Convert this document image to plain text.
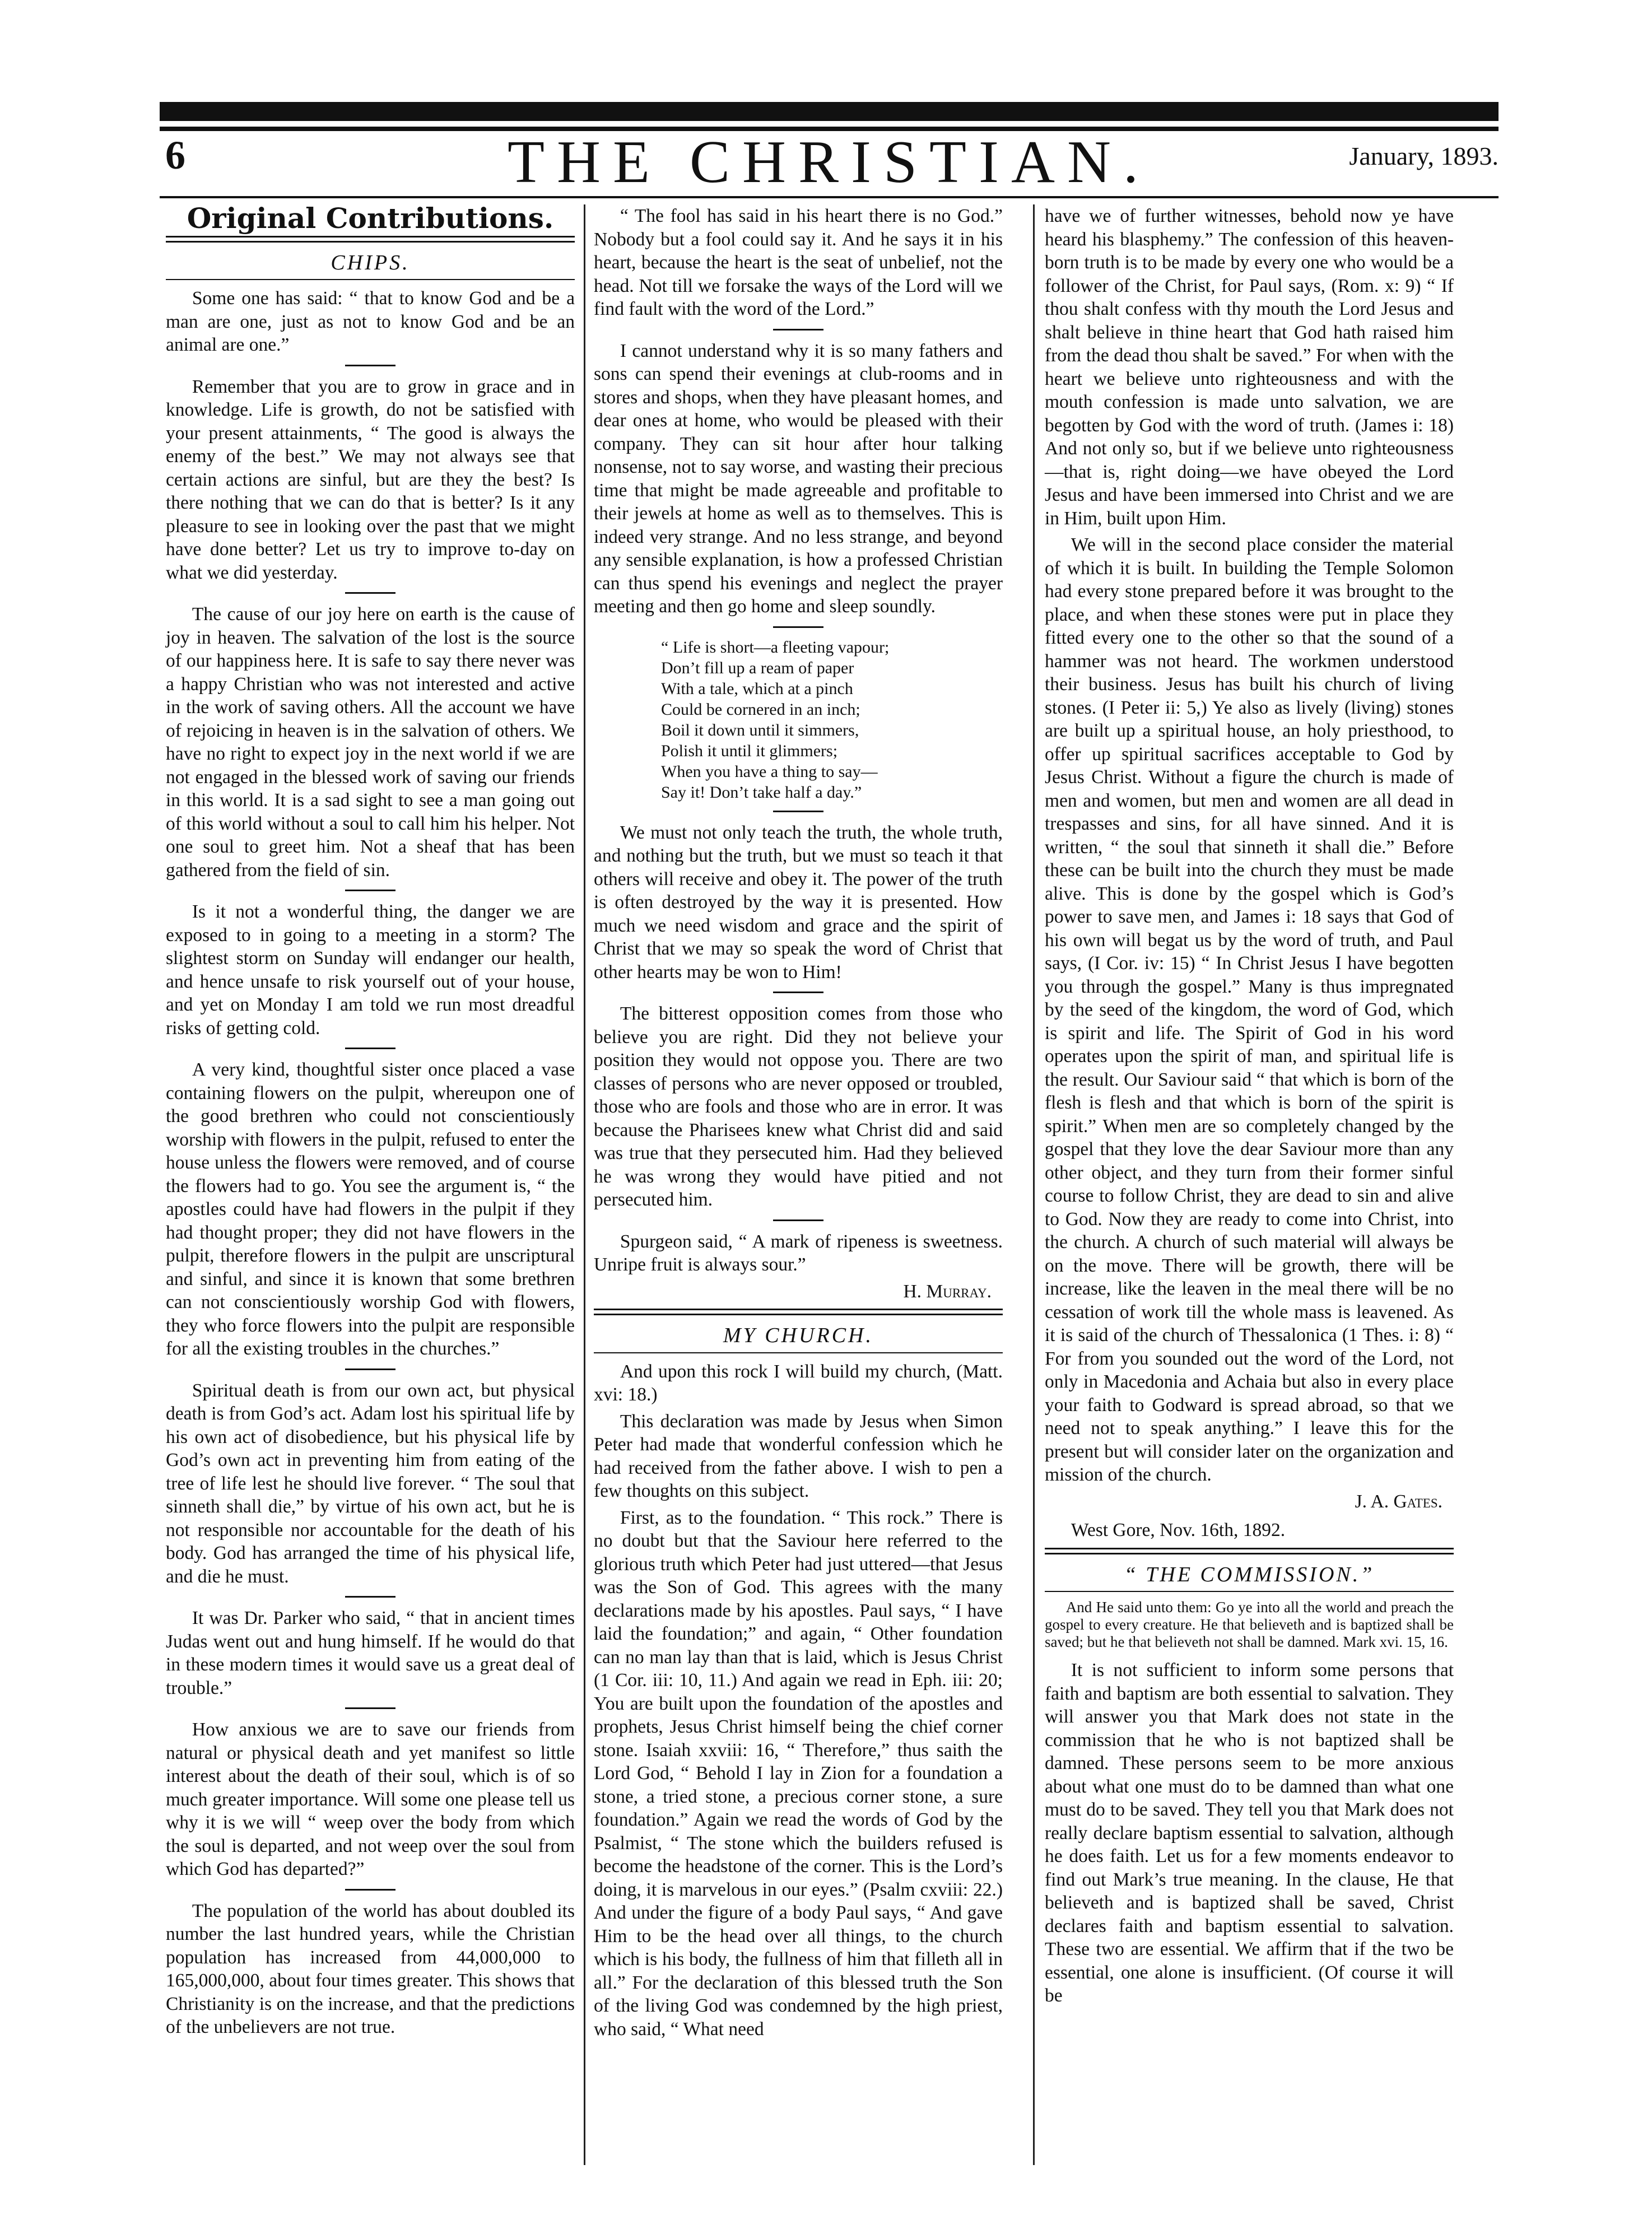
6	THE CHRISTIAN.	January, 1893.
Original Contributions.
CHIPS.

Some one has said: “ that to know God and be a man are one, just as not to know God and be an animal are one.”

Remember that you are to grow in grace and in knowledge. Life is growth, do not be satisfied with your present attainments, “ The good is always the enemy of the best.” We may not always see that certain actions are sinful, but are they the best? Is there nothing that we can do that is better? Is it any pleasure to see in looking over the past that we might have done better? Let us try to improve to-day on what we did yesterday.

The cause of our joy here on earth is the cause of joy in heaven. The salvation of the lost is the source of our happiness here. It is safe to say there never was a happy Christian who was not interested and active in the work of saving others. All the account we have of rejoicing in heaven is in the salvation of others. We have no right to expect joy in the next world if we are not engaged in the blessed work of saving our friends in this world. It is a sad sight to see a man going out of this world without a soul to call him his helper. Not one soul to greet him. Not a sheaf that has been gathered from the field of sin.

Is it not a wonderful thing, the danger we are exposed to in going to a meeting in a storm? The slightest storm on Sunday will endanger our health, and hence unsafe to risk yourself out of your house, and yet on Monday I am told we run most dreadful risks of getting cold.

A very kind, thoughtful sister once placed a vase containing flowers on the pulpit, whereupon one of the good brethren who could not conscientiously worship with flowers in the pulpit, refused to enter the house unless the flowers were removed, and of course the flowers had to go. You see the argument is, “ the apostles could have had flowers in the pulpit if they had thought proper; they did not have flowers in the pulpit, therefore flowers in the pulpit are unscriptural and sinful, and since it is known that some brethren can not conscientiously worship God with flowers, they who force flowers into the pulpit are responsible for all the existing troubles in the churches.”

Spiritual death is from our own act, but physical death is from God’s act. Adam lost his spiritual life by his own act of disobedience, but his physical life by God’s own act in preventing him from eating of the tree of life lest he should live forever. “ The soul that sinneth shall die,” by virtue of his own act, but he is not responsible nor accountable for the death of his body. God has arranged the time of his physical life, and die he must.

It was Dr. Parker who said, “ that in ancient times Judas went out and hung himself. If he would do that in these modern times it would save us a great deal of trouble.”

How anxious we are to save our friends from natural or physical death and yet manifest so little interest about the death of their soul, which is of so much greater importance. Will some one please tell us why it is we will “ weep over the body from which the soul is departed, and not weep over the soul from which God has departed?”

The population of the world has about doubled its number the last hundred years, while the Christian population has increased from 44,000,000 to 165,000,000, about four times greater. This shows that Christianity is on the increase, and that the predictions of the unbelievers are not true.

“ The fool has said in his heart there is no God.” Nobody but a fool could say it. And he says it in his heart, because the heart is the seat of unbelief, not the head. Not till we forsake the ways of the Lord will we find fault with the word of the Lord.”

I cannot understand why it is so many fathers and sons can spend their evenings at club-rooms and in stores and shops, when they have pleasant homes, and dear ones at home, who would be pleased with their company. They can sit hour after hour talking nonsense, not to say worse, and wasting their precious time that might be made agreeable and profitable to their jewels at home as well as to themselves. This is indeed very strange. And no less strange, and beyond any sensible explanation, is how a professed Christian can thus spend his evenings and neglect the prayer meeting and then go home and sleep soundly.

“ Life is short—a fleeting vapour;
Don’t fill up a ream of paper
With a tale, which at a pinch
Could be cornered in an inch;
Boil it down until it simmers,
Polish it until it glimmers;
When you have a thing to say—
Say it! Don’t take half a day.”

We must not only teach the truth, the whole truth, and nothing but the truth, but we must so teach it that others will receive and obey it. The power of the truth is often destroyed by the way it is presented. How much we need wisdom and grace and the spirit of Christ that we may so speak the word of Christ that other hearts may be won to Him!

The bitterest opposition comes from those who believe you are right. Did they not believe your position they would not oppose you. There are two classes of persons who are never opposed or troubled, those who are fools and those who are in error. It was because the Pharisees knew what Christ did and said was true that they persecuted him. Had they believed he was wrong they would have pitied and not persecuted him.

Spurgeon said, “ A mark of ripeness is sweetness. Unripe fruit is always sour.”

H. Murray.
MY CHURCH.

And upon this rock I will build my church, (Matt. xvi: 18.)

This declaration was made by Jesus when Simon Peter had made that wonderful confession which he had received from the father above. I wish to pen a few thoughts on this subject.

First, as to the foundation. “ This rock.” There is no doubt but that the Saviour here referred to the glorious truth which Peter had just uttered—that Jesus was the Son of God. This agrees with the many declarations made by his apostles. Paul says, “ I have laid the foundation;” and again, “ Other foundation can no man lay than that is laid, which is Jesus Christ (1 Cor. iii: 10, 11.) And again we read in Eph. iii: 20; You are built upon the foundation of the apostles and prophets, Jesus Christ himself being the chief corner stone. Isaiah xxviii: 16, “ Therefore,” thus saith the Lord God, “ Behold I lay in Zion for a foundation a stone, a tried stone, a precious corner stone, a sure foundation.” Again we read the words of God by the Psalmist, “ The stone which the builders refused is become the headstone of the corner. This is the Lord’s doing, it is marvelous in our eyes.” (Psalm cxviii: 22.) And under the figure of a body Paul says, “ And gave Him to be the head over all things, to the church which is his body, the fullness of him that filleth all in all.” For the declaration of this blessed truth the Son of the living God was condemned by the high priest, who said, “ What need

have we of further witnesses, behold now ye have heard his blasphemy.” The confession of this heaven-born truth is to be made by every one who would be a follower of the Christ, for Paul says, (Rom. x: 9) “ If thou shalt confess with thy mouth the Lord Jesus and shalt believe in thine heart that God hath raised him from the dead thou shalt be saved.” For when with the heart we believe unto righteousness and with the mouth confession is made unto salvation, we are begotten by God with the word of truth. (James i: 18) And not only so, but if we believe unto righteousness—that is, right doing—we have obeyed the Lord Jesus and have been immersed into Christ and we are in Him, built upon Him.

We will in the second place consider the material of which it is built. In building the Temple Solomon had every stone prepared before it was brought to the place, and when these stones were put in place they fitted every one to the other so that the sound of a hammer was not heard. The workmen understood their business. Jesus has built his church of living stones. (I Peter ii: 5,) Ye also as lively (living) stones are built up a spiritual house, an holy priesthood, to offer up spiritual sacrifices acceptable to God by Jesus Christ. Without a figure the church is made of men and women, but men and women are all dead in trespasses and sins, for all have sinned. And it is written, “ the soul that sinneth it shall die.” Before these can be built into the church they must be made alive. This is done by the gospel which is God’s power to save men, and James i: 18 says that God of his own will begat us by the word of truth, and Paul says, (I Cor. iv: 15) “ In Christ Jesus I have begotten you through the gospel.” Many is thus impregnated by the seed of the kingdom, the word of God, which is spirit and life. The Spirit of God in his word operates upon the spirit of man, and spiritual life is the result. Our Saviour said “ that which is born of the flesh is flesh and that which is born of the spirit is spirit.” When men are so completely changed by the gospel that they love the dear Saviour more than any other object, and they turn from their former sinful course to follow Christ, they are dead to sin and alive to God. Now they are ready to come into Christ, into the church. A church of such material will always be on the move. There will be growth, there will be increase, like the leaven in the meal there will be no cessation of work till the whole mass is leavened. As it is said of the church of Thessalonica (1 Thes. i: 8) “ For from you sounded out the word of the Lord, not only in Macedonia and Achaia but also in every place your faith to Godward is spread abroad, so that we need not to speak anything.” I leave this for the present but will consider later on the organization and mission of the church.

J. A. Gates.
West Gore, Nov. 16th, 1892.
“ THE COMMISSION.”
And He said unto them: Go ye into all the world and preach the gospel to every creature. He that believeth and is baptized shall be saved; but he that believeth not shall be damned. Mark xvi. 15, 16.

It is not sufficient to inform some persons that faith and baptism are both essential to salvation. They will answer you that Mark does not state in the commission that he who is not baptized shall be damned. These persons seem to be more anxious about what one must do to be damned than what one must do to be saved. They tell you that Mark does not really declare baptism essential to salvation, although he does faith. Let us for a few moments endeavor to find out Mark’s true meaning. In the clause, He that believeth and is baptized shall be saved, Christ declares faith and baptism essential to salvation. These two are essential. We affirm that if the two be essential, one alone is insufficient. (Of course it will be
